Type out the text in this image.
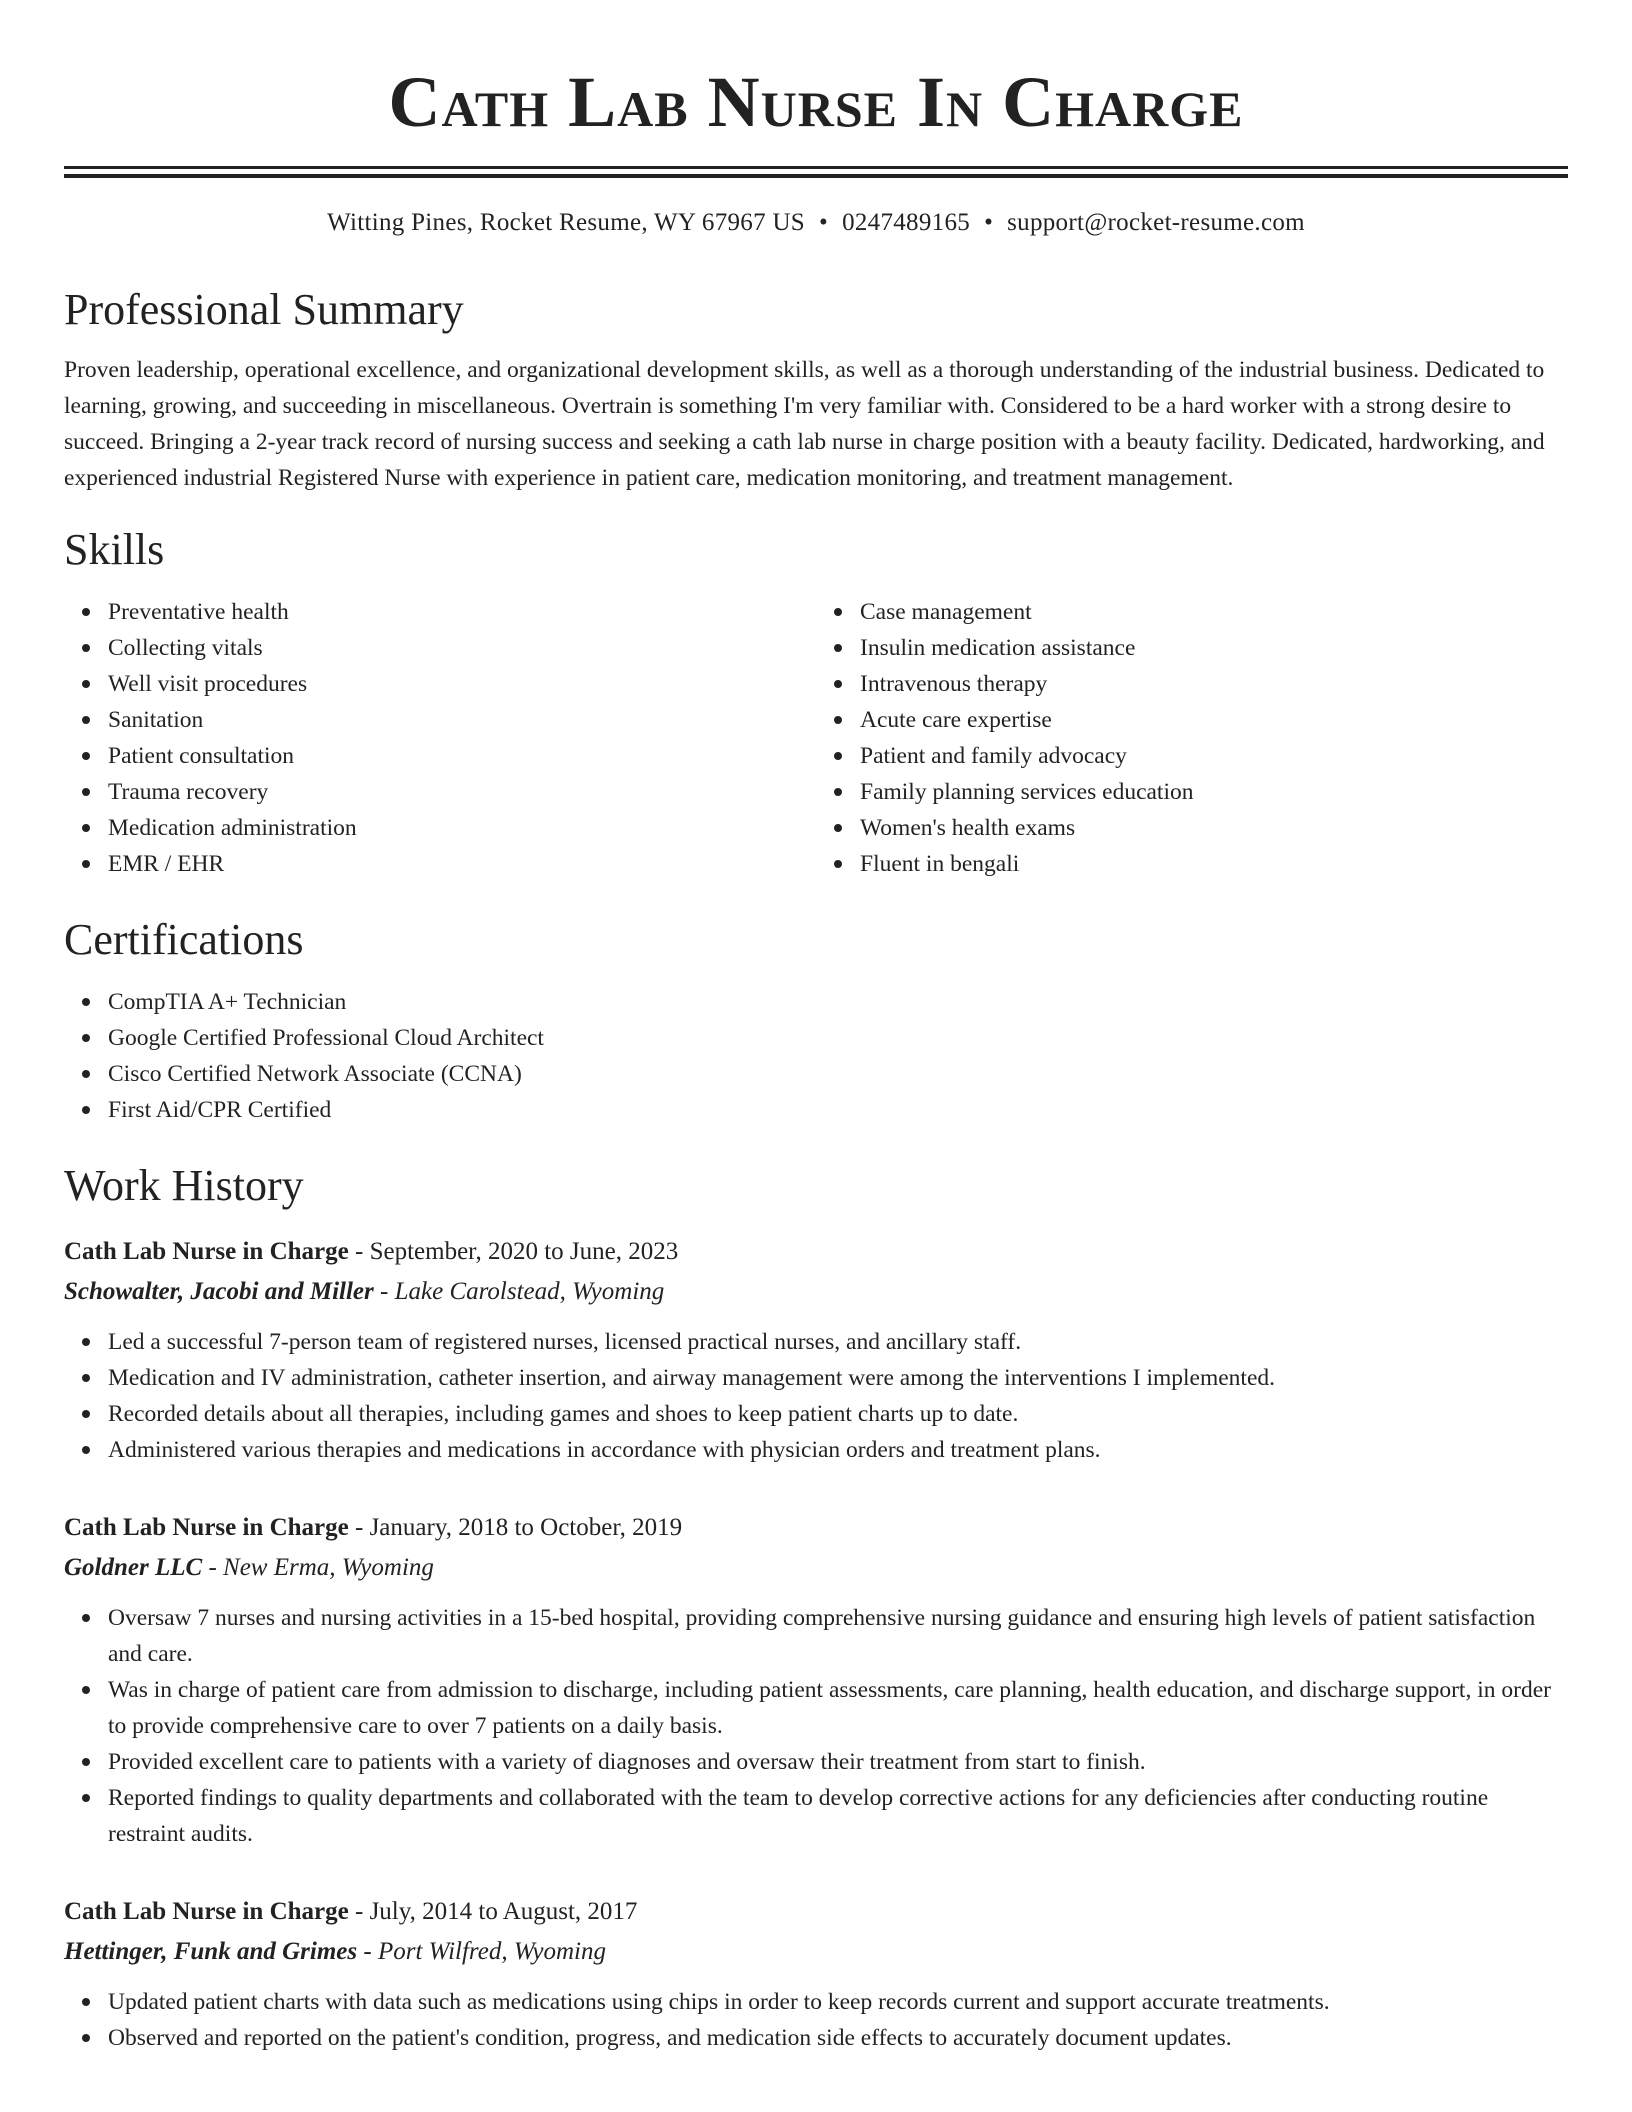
Cath Lab Nurse In Charge
Witting Pines, Rocket Resume, WY 67967 US • 0247489165 • support@rocket-resume.com
Professional Summary

Proven leadership, operational excellence, and organizational development skills, as well as a thorough understanding of the industrial business. Dedicated to learning, growing, and succeeding in miscellaneous. Overtrain is something I'm very familiar with. Considered to be a hard worker with a strong desire to succeed. Bringing a 2-year track record of nursing success and seeking a cath lab nurse in charge position with a beauty facility. Dedicated, hardworking, and experienced industrial Registered Nurse with experience in patient care, medication monitoring, and treatment management.

Skills
Preventative health
Collecting vitals
Well visit procedures
Sanitation
Patient consultation
Trauma recovery
Medication administration
EMR / EHR
Case management
Insulin medication assistance
Intravenous therapy
Acute care expertise
Patient and family advocacy
Family planning services education
Women's health exams
Fluent in bengali
Certifications
CompTIA A+ Technician
Google Certified Professional Cloud Architect
Cisco Certified Network Associate (CCNA)
First Aid/CPR Certified
Work History
Cath Lab Nurse in Charge - September, 2020 to June, 2023
Schowalter, Jacobi and Miller - Lake Carolstead, Wyoming
Led a successful 7-person team of registered nurses, licensed practical nurses, and ancillary staff.
Medication and IV administration, catheter insertion, and airway management were among the interventions I implemented.
Recorded details about all therapies, including games and shoes to keep patient charts up to date.
Administered various therapies and medications in accordance with physician orders and treatment plans.
Cath Lab Nurse in Charge - January, 2018 to October, 2019
Goldner LLC - New Erma, Wyoming
Oversaw 7 nurses and nursing activities in a 15-bed hospital, providing comprehensive nursing guidance and ensuring high levels of patient satisfaction and care.
Was in charge of patient care from admission to discharge, including patient assessments, care planning, health education, and discharge support, in order to provide comprehensive care to over 7 patients on a daily basis.
Provided excellent care to patients with a variety of diagnoses and oversaw their treatment from start to finish.
Reported findings to quality departments and collaborated with the team to develop corrective actions for any deficiencies after conducting routine restraint audits.
Cath Lab Nurse in Charge - July, 2014 to August, 2017
Hettinger, Funk and Grimes - Port Wilfred, Wyoming
Updated patient charts with data such as medications using chips in order to keep records current and support accurate treatments.
Observed and reported on the patient's condition, progress, and medication side effects to accurately document updates.
